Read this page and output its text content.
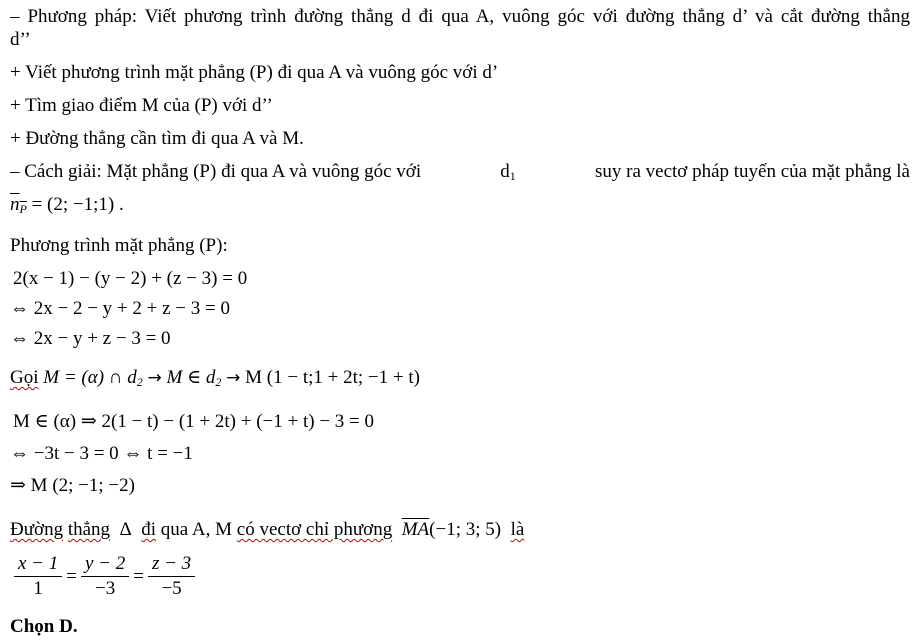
– Phương pháp: Viết phương trình đường thẳng d đi qua A, vuông góc với đường thẳng d’ và cắt đường thẳng
d’’
+ Viết phương trình mặt phẳng (P) đi qua A và vuông góc với d’
+ Tìm giao điểm M của (P) với d’’
+ Đường thẳng cần tìm đi qua A và M.
– Cách giải: Mặt phẳng (P) đi qua A và vuông góc với	$d_1$	suy ra vectơ pháp tuyến của mặt phẳng là
$n_P = (2$; −1;1) .
Phương trình mặt phẳng (P):
2(x − 1) − (y − 2) + (z − 3) = 0
⇔ 2x − 2 − y + 2 + z − 3 = 0
⇔ 2x − y + z − 3 = 0
Gọi M = (α) ∩ $d_2 \to M$ ∈ $d_2 \to M$ (1 − t;1 + 2t; −1 + t)
M ∈ (α) ⇒ 2(1 − t) − (1 + 2t) + (−1 + t) − 3 = 0
⇔ −3t − 3 = 0 ⇔ t = −1
⇒ M (2; −1; −2)
Đường thẳng Δ đi qua A, M có vectơ chỉ phương $\overline{MA}(-1$; 3; 5) là
$\frac{x - 1}{1} = \frac{y - 2}{-3} = \frac{z - 3}{-5}$
Chọn D.
